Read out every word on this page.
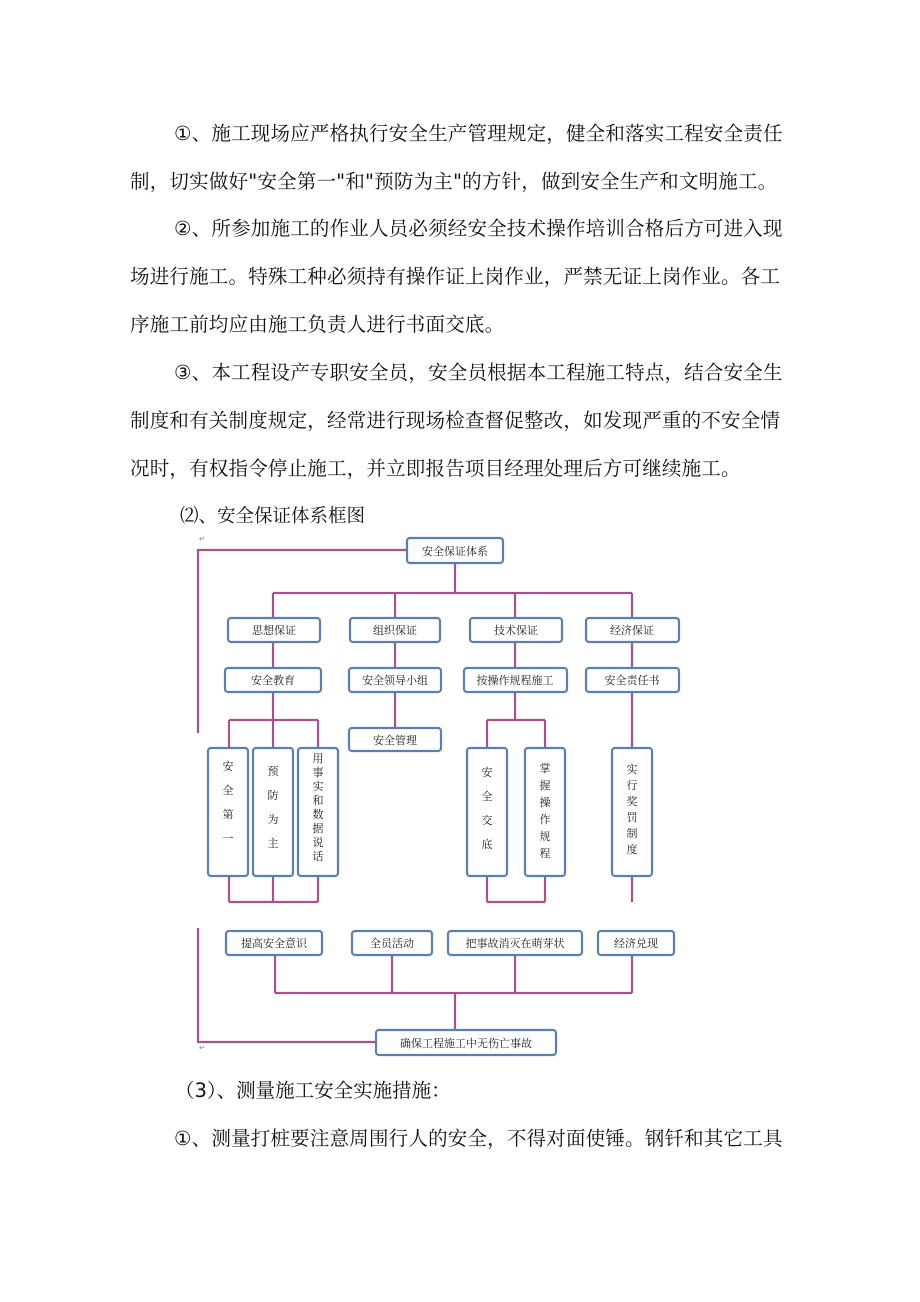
①、施工现场应严格执行安全生产管理规定，健全和落实工程安全责任
制，切实做好"安全第一"和"预防为主"的方针，做到安全生产和文明施工。
②、所参加施工的作业人员必须经安全技术操作培训合格后方可进入现
场进行施工。特殊工种必须持有操作证上岗作业，严禁无证上岗作业。各工
序施工前均应由施工负责人进行书面交底。
③、本工程设产专职安全员，安全员根据本工程施工特点，结合安全生
制度和有关制度规定，经常进行现场检查督促整改，如发现严重的不安全情
况时，有权指令停止施工，并立即报告项目经理处理后方可继续施工。
⑵、安全保证体系框图
↵
↵
安全保证体系
思想保证	组织保证	技术保证	经济保证
安全教育	安全领导小组	按操作规程施工	安全责任书
安全管理
安全第一
预防为主
用事实和数据说话
安全交底
掌握操作规程
实行奖罚制度
提高安全意识	全员活动	把事故消灭在萌芽状	经济兑现
确保工程施工中无伤亡事故
（3）、测量施工安全实施措施：
①、测量打桩要注意周围行人的安全，不得对面使锤。钢钎和其它工具
